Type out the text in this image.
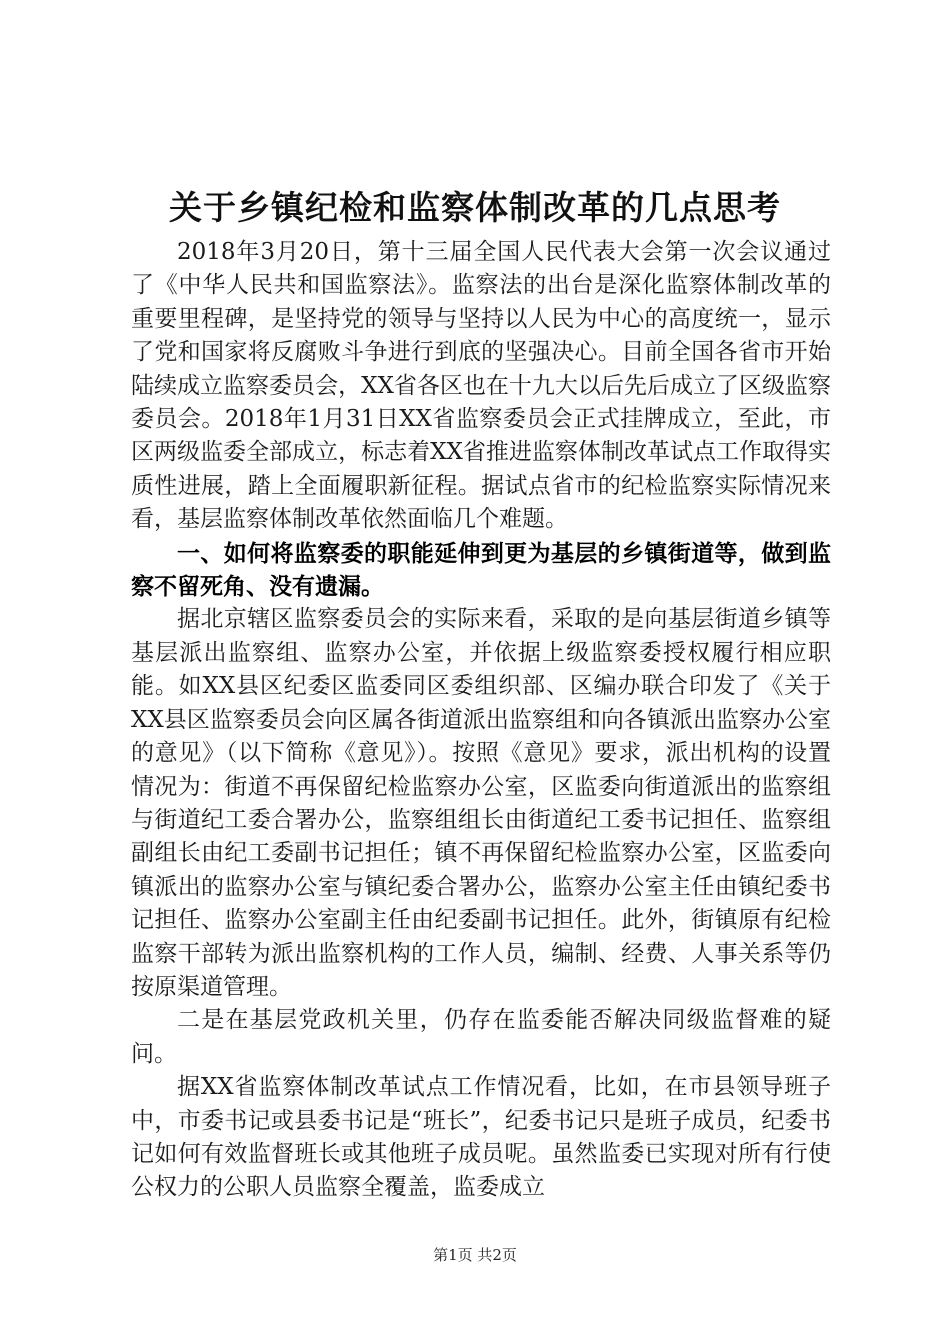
关于乡镇纪检和监察体制改革的几点思考

2018年3月20日，第十三届全国人民代表大会第一次会议通过了《中华人民共和国监察法》。监察法的出台是深化监察体制改革的重要里程碑，是坚持党的领导与坚持以人民为中心的高度统一，显示了党和国家将反腐败斗争进行到底的坚强决心。目前全国各省市开始陆续成立监察委员会，XX省各区也在十九大以后先后成立了区级监察委员会。2018年1月31日XX省监察委员会正式挂牌成立，至此，市区两级监委全部成立，标志着XX省推进监察体制改革试点工作取得实质性进展，踏上全面履职新征程。据试点省市的纪检监察实际情况来看，基层监察体制改革依然面临几个难题。

一、如何将监察委的职能延伸到更为基层的乡镇街道等，做到监察不留死角、没有遗漏。

据北京辖区监察委员会的实际来看，采取的是向基层街道乡镇等基层派出监察组、监察办公室，并依据上级监察委授权履行相应职能。如XX县区纪委区监委同区委组织部、区编办联合印发了《关于XX县区监察委员会向区属各街道派出监察组和向各镇派出监察办公室的意见》（以下简称《意见》）。按照《意见》要求，派出机构的设置情况为：街道不再保留纪检监察办公室，区监委向街道派出的监察组与街道纪工委合署办公，监察组组长由街道纪工委书记担任、监察组副组长由纪工委副书记担任；镇不再保留纪检监察办公室，区监委向镇派出的监察办公室与镇纪委合署办公，监察办公室主任由镇纪委书记担任、监察办公室副主任由纪委副书记担任。此外，街镇原有纪检监察干部转为派出监察机构的工作人员，编制、经费、人事关系等仍按原渠道管理。

二是在基层党政机关里，仍存在监委能否解决同级监督难的疑问。

据XX省监察体制改革试点工作情况看，比如，在市县领导班子中，市委书记或县委书记是“班长”，纪委书记只是班子成员，纪委书记如何有效监督班长或其他班子成员呢。虽然监委已实现对所有行使公权力的公职人员监察全覆盖，监委成立

第1页 共2页
